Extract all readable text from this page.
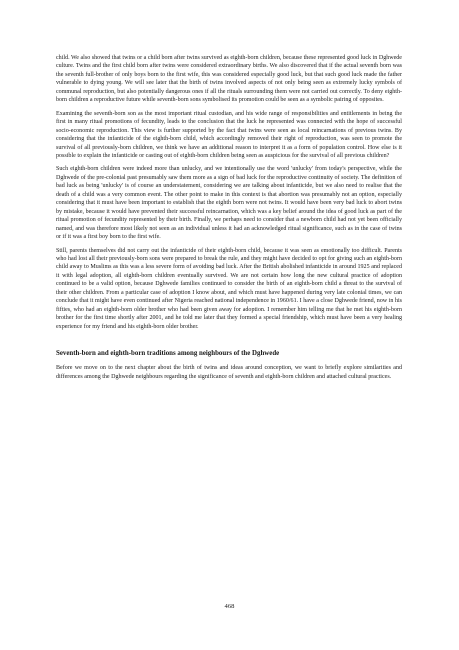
child. We also showed that twins or a child born after twins survived as eighth-born children, because these represented good luck in Dghwede culture. Twins and the first child born after twins were considered extraordinary births. We also discovered that if the actual seventh born was the seventh full-brother of only boys born to the first wife, this was considered especially good luck, but that such good luck made the father vulnerable to dying young. We will see later that the birth of twins involved aspects of not only being seen as extremely lucky symbols of communal reproduction, but also potentially dangerous ones if all the rituals surrounding them were not carried out correctly. To deny eighth-born children a reproductive future while seventh-born sons symbolised its promotion could be seen as a symbolic pairing of opposites.

Examining the seventh-born son as the most important ritual custodian, and his wide range of responsibilities and entitlements in being the first in many ritual promotions of fecundity, leads to the conclusion that the luck he represented was connected with the hope of successful socio-economic reproduction. This view is further supported by the fact that twins were seen as local reincarnations of previous twins. By considering that the infanticide of the eighth-born child, which accordingly removed their right of reproduction, was seen to promote the survival of all previously-born children, we think we have an additional reason to interpret it as a form of population control. How else is it possible to explain the infanticide or casting out of eighth-born children being seen as auspicious for the survival of all previous children?

Such eighth-born children were indeed more than unlucky, and we intentionally use the word 'unlucky' from today's perspective, while the Dghwede of the pre-colonial past presumably saw them more as a sign of bad luck for the reproductive continuity of society. The definition of bad luck as being 'unlucky' is of course an understatement, considering we are talking about infanticide, but we also need to realise that the death of a child was a very common event. The other point to make in this context is that abortion was presumably not an option, especially considering that it must have been important to establish that the eighth born were not twins. It would have been very bad luck to abort twins by mistake, because it would have prevented their successful reincarnation, which was a key belief around the idea of good luck as part of the ritual promotion of fecundity represented by their birth. Finally, we perhaps need to consider that a newborn child had not yet been officially named, and was therefore most likely not seen as an individual unless it had an acknowledged ritual significance, such as in the case of twins or if it was a first boy born to the first wife.

Still, parents themselves did not carry out the infanticide of their eighth-born child, because it was seen as emotionally too difficult. Parents who had lost all their previously-born sons were prepared to break the rule, and they might have decided to opt for giving such an eighth-born child away to Muslims as this was a less severe form of avoiding bad luck. After the British abolished infanticide in around 1925 and replaced it with legal adoption, all eighth-born children eventually survived. We are not certain how long the new cultural practice of adoption continued to be a valid option, because Dghwede families continued to consider the birth of an eighth-born child a threat to the survival of their other children. From a particular case of adoption I know about, and which must have happened during very late colonial times, we can conclude that it might have even continued after Nigeria reached national independence in 1960/61. I have a close Dghwede friend, now in his fifties, who had an eighth-born older brother who had been given away for adoption. I remember him telling me that he met his eighth-born brother for the first time shortly after 2001, and he told me later that they formed a special friendship, which must have been a very healing experience for my friend and his eighth-born older brother.

Seventh-born and eighth-born traditions among neighbours of the Dghwede

Before we move on to the next chapter about the birth of twins and ideas around conception, we want to briefly explore similarities and differences among the Dghwede neighbours regarding the significance of seventh and eighth-born children and attached cultural practices.

468
